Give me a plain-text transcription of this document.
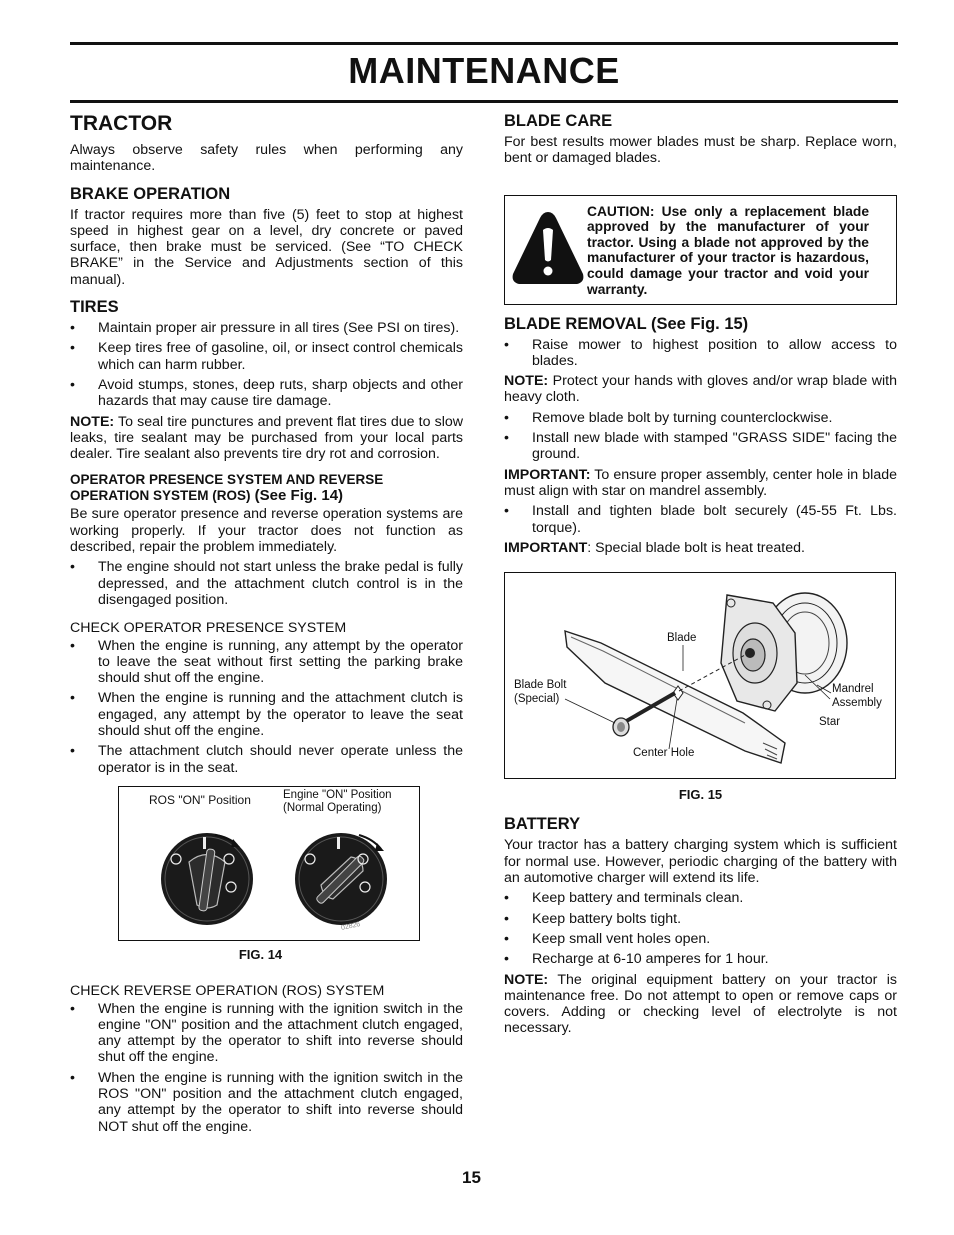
MAINTENANCE
TRACTOR

Always observe safety rules when performing any maintenance.

BRAKE OPERATION

If tractor requires more than five (5) feet to stop at highest speed in highest gear on a level, dry concrete or paved surface, then brake must be serviced. (See “TO CHECK BRAKE” in the Service and Adjustments section of this manual).

TIRES
• Maintain proper air pressure in all tires (See PSI on tires).
• Keep tires free of gasoline, oil, or insect control chemicals which can harm rubber.
• Avoid stumps, stones, deep ruts, sharp objects and other hazards that may cause tire damage.

NOTE: To seal tire punctures and prevent flat tires due to slow leaks, tire sealant may be purchased from your local parts dealer. Tire sealant also prevents tire dry rot and corrosion.

OPERATOR PRESENCE SYSTEM AND REVERSE OPERATION SYSTEM (ROS) (See Fig. 14)

Be sure operator presence and reverse operation systems are working properly. If your tractor does not function as described, repair the problem immediately.

• The engine should not start unless the brake pedal is fully depressed, and the attachment clutch control is in the disengaged position.

CHECK OPERATOR PRESENCE SYSTEM

• When the engine is running, any attempt by the operator to leave the seat without first setting the parking brake should shut off the engine.
• When the engine is running and the attachment clutch is engaged, any attempt by the operator to leave the seat should shut off the engine.
• The attachment clutch should never operate unless the operator is in the seat.
ROS "ON" Position	Engine "ON" Position
(Normal Operating)
02826

FIG. 14

CHECK REVERSE OPERATION (ROS) SYSTEM

• When the engine is running with the ignition switch in the engine "ON" position and the attachment clutch engaged, any attempt by the operator to shift into reverse should shut off the engine.
• When the engine is running with the ignition switch in the ROS "ON" position and the attachment clutch engaged, any attempt by the operator to shift into reverse should NOT shut off the engine.
BLADE CARE

For best results mower blades must be sharp. Replace worn, bent or damaged blades.

CAUTION: Use only a replacement blade approved by the manufacturer of your tractor. Using a blade not approved by the manufacturer of your tractor is hazardous, could damage your tractor and void your warranty.
BLADE REMOVAL (See Fig. 15)
• Raise mower to highest position to allow access to blades.

NOTE: Protect your hands with gloves and/or wrap blade with heavy cloth.

• Remove blade bolt by turning counterclockwise.
• Install new blade with stamped "GRASS SIDE" facing the ground.

IMPORTANT: To ensure proper assembly, center hole in blade must align with star on mandrel assembly.

• Install and tighten blade bolt securely (45-55 Ft. Lbs. torque).

IMPORTANT: Special blade bolt is heat treated.

Blade
Blade Bolt
(Special)
Mandrel
Assembly
Star
Center Hole

FIG. 15

BATTERY

Your tractor has a battery charging system which is sufficient for normal use. However, periodic charging of the battery with an automotive charger will extend its life.

• Keep battery and terminals clean.
• Keep battery bolts tight.
• Keep small vent holes open.
• Recharge at 6-10 amperes for 1 hour.

NOTE: The original equipment battery on your tractor is maintenance free. Do not attempt to open or remove caps or covers. Adding or checking level of electrolyte is not necessary.

15
